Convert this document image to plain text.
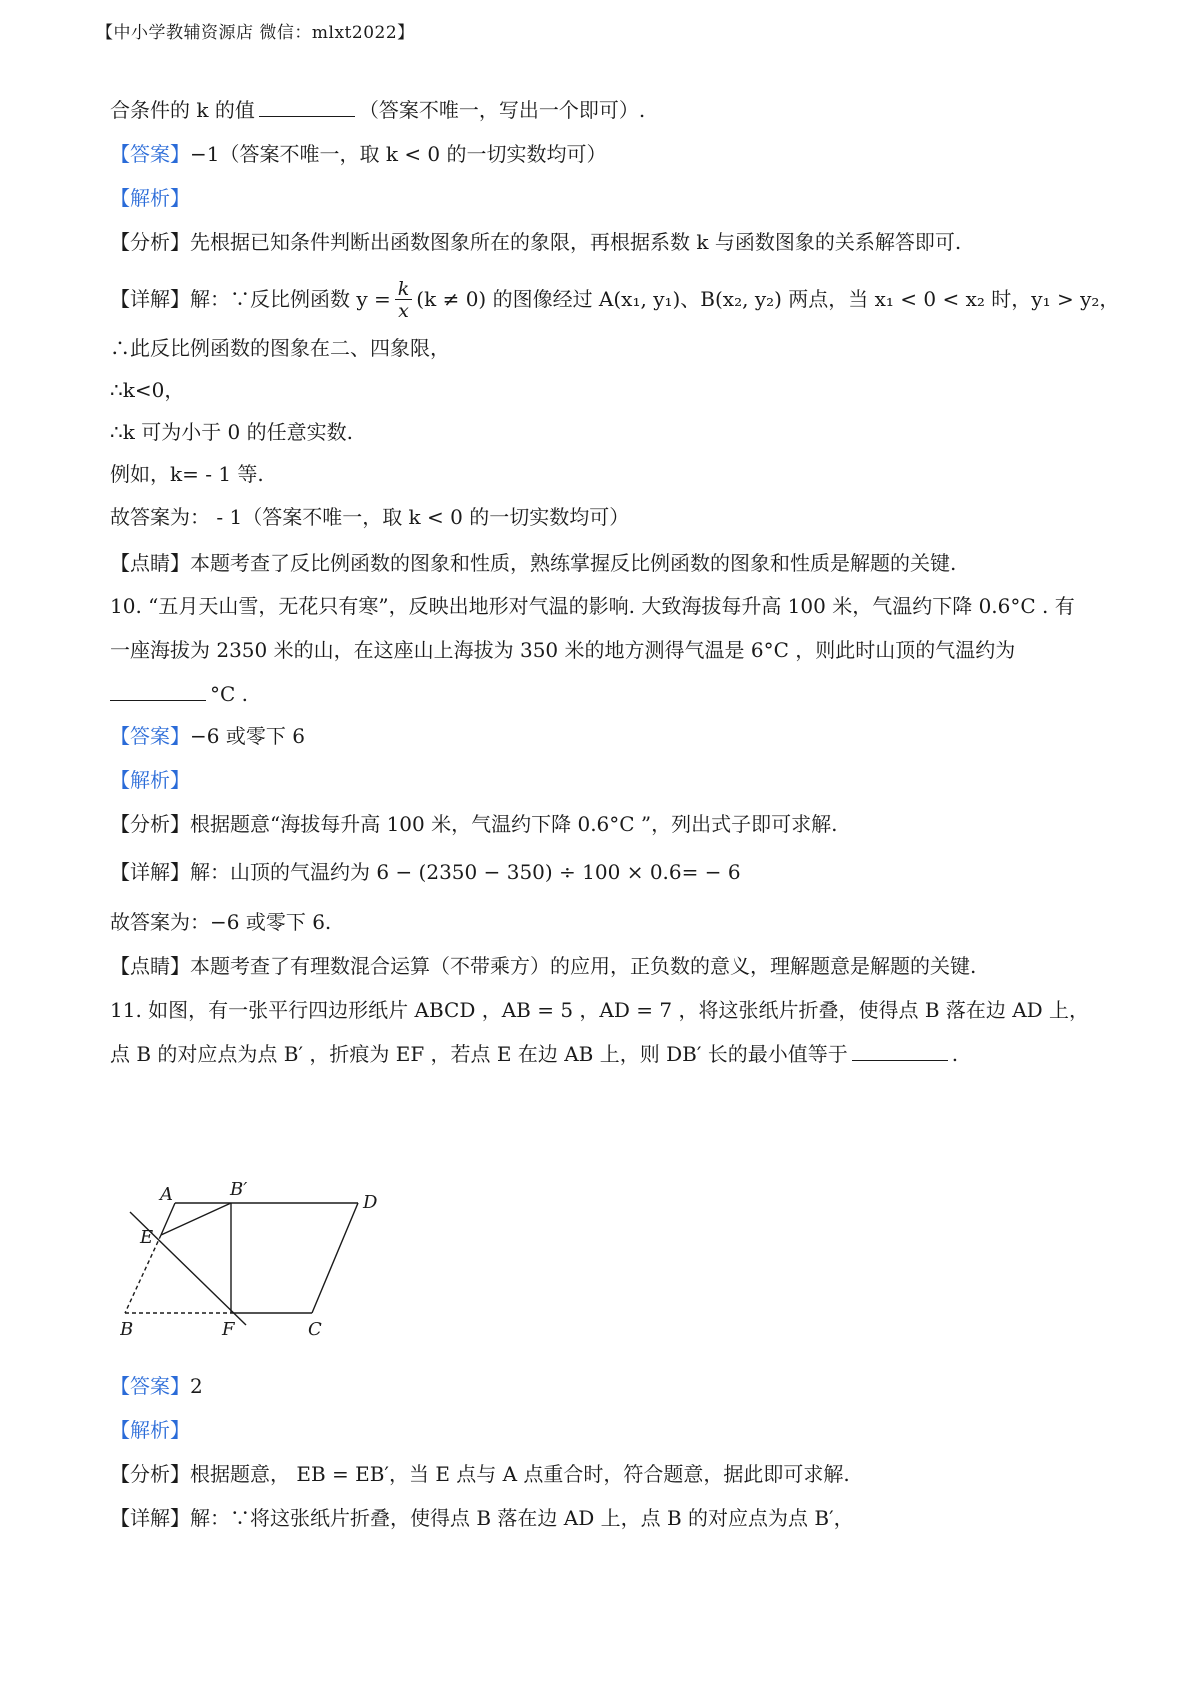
【中小学教辅资源店 微信：mlxt2022】
合条件的 k 的值	（答案不唯一，写出一个即可）.
【答案】−1（答案不唯一，取 k < 0 的一切实数均可）
【解析】
【分析】先根据已知条件判断出函数图象所在的象限，再根据系数 k 与函数图象的关系解答即可.
【详解】解：∵反比例函数 $y = \frac{k}{x} (k \ne 0)$ 的图像经过 A(x₁, y₁)、B(x₂, y₂) 两点，当 x₁ < 0 < x₂ 时，y₁ > y₂，
∴此反比例函数的图象在二、四象限，
∴k<0，
∴k 可为小于 0 的任意实数.
例如，k= - 1 等.
故答案为： - 1（答案不唯一，取 k < 0 的一切实数均可）
【点睛】本题考查了反比例函数的图象和性质，熟练掌握反比例函数的图象和性质是解题的关键.
10. “五月天山雪，无花只有寒”，反映出地形对气温的影响. 大致海拔每升高 100 米，气温约下降 0.6°C . 有
一座海拔为 2350 米的山，在这座山上海拔为 350 米的地方测得气温是 6°C ，则此时山顶的气温约为
°C .
【答案】−6 或零下 6
【解析】
【分析】根据题意“海拔每升高 100 米，气温约下降 0.6°C ”，列出式子即可求解.
【详解】解：山顶的气温约为 6 − (2350 − 350) ÷ 100 × 0.6= − 6
故答案为：−6 或零下 6.
【点睛】本题考查了有理数混合运算（不带乘方）的应用，正负数的意义，理解题意是解题的关键.
11. 如图，有一张平行四边形纸片 ABCD ，AB = 5 ，AD = 7 ，将这张纸片折叠，使得点 B 落在边 AD 上，
点 B 的对应点为点 B′ ，折痕为 EF ，若点 E 在边 AB 上，则 DB′ 长的最小值等于	.
A	B′
D
E
B	F	C
【答案】2
【解析】
【分析】根据题意， EB = EB′，当 E 点与 A 点重合时，符合题意，据此即可求解.
【详解】解：∵将这张纸片折叠，使得点 B 落在边 AD 上，点 B 的对应点为点 B′，
